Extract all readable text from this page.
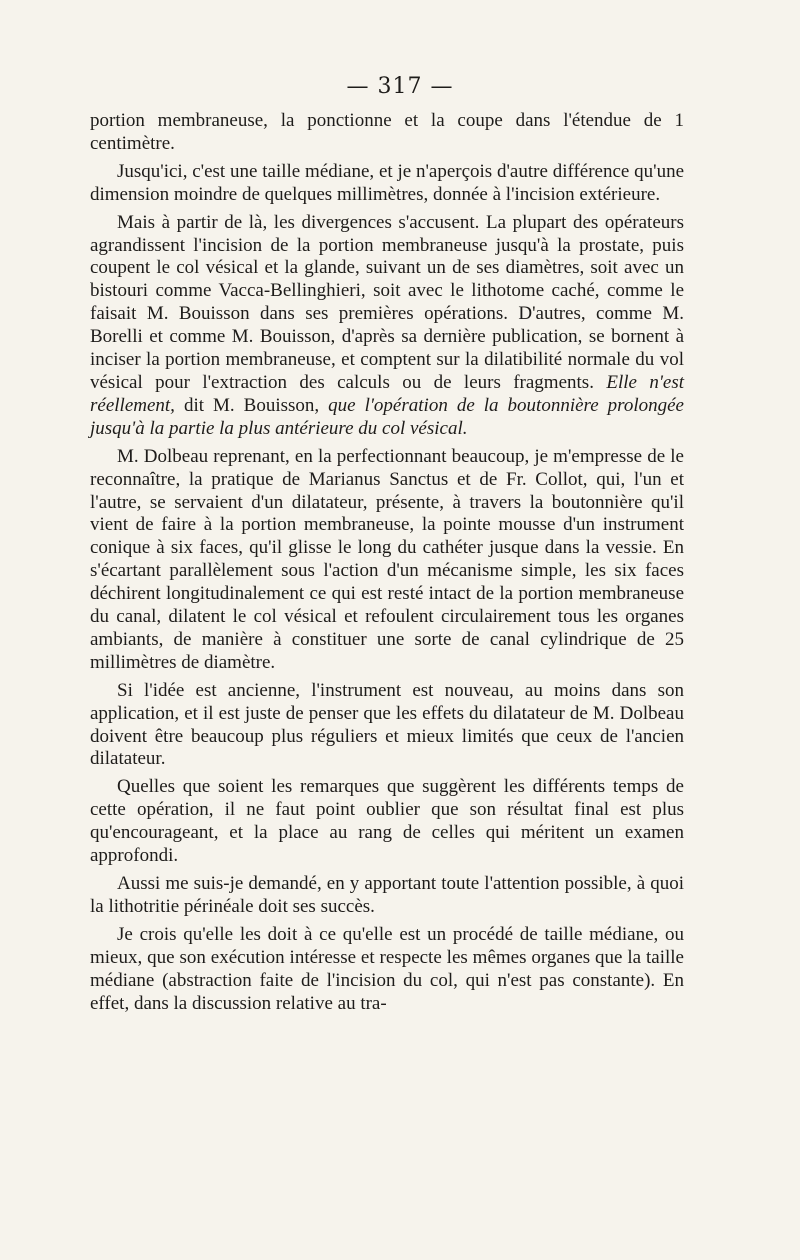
— 317 —

portion membraneuse, la ponctionne et la coupe dans l'étendue de 1 centimètre.

Jusqu'ici, c'est une taille médiane, et je n'aperçois d'autre différence qu'une dimension moindre de quelques millimètres, donnée à l'incision extérieure.

Mais à partir de là, les divergences s'accusent. La plupart des opérateurs agrandissent l'incision de la portion membraneuse jusqu'à la prostate, puis coupent le col vésical et la glande, suivant un de ses diamètres, soit avec un bistouri comme Vacca-Bellinghieri, soit avec le lithotome caché, comme le faisait M. Bouisson dans ses premières opérations. D'autres, comme M. Borelli et comme M. Bouisson, d'après sa dernière publication, se bornent à inciser la portion membraneuse, et comptent sur la dilatibilité normale du vol vésical pour l'extraction des calculs ou de leurs fragments. Elle n'est réellement, dit M. Bouisson, que l'opération de la boutonnière prolongée jusqu'à la partie la plus antérieure du col vésical.

M. Dolbeau reprenant, en la perfectionnant beaucoup, je m'empresse de le reconnaître, la pratique de Marianus Sanctus et de Fr. Collot, qui, l'un et l'autre, se servaient d'un dilatateur, présente, à travers la boutonnière qu'il vient de faire à la portion membraneuse, la pointe mousse d'un instrument conique à six faces, qu'il glisse le long du cathéter jusque dans la vessie. En s'écartant parallèlement sous l'action d'un mécanisme simple, les six faces déchirent longitudinalement ce qui est resté intact de la portion membraneuse du canal, dilatent le col vésical et refoulent circulairement tous les organes ambiants, de manière à constituer une sorte de canal cylindrique de 25 millimètres de diamètre.

Si l'idée est ancienne, l'instrument est nouveau, au moins dans son application, et il est juste de penser que les effets du dilatateur de M. Dolbeau doivent être beaucoup plus réguliers et mieux limités que ceux de l'ancien dilatateur.

Quelles que soient les remarques que suggèrent les différents temps de cette opération, il ne faut point oublier que son résultat final est plus qu'encourageant, et la place au rang de celles qui méritent un examen approfondi.

Aussi me suis-je demandé, en y apportant toute l'attention possible, à quoi la lithotritie périnéale doit ses succès.

Je crois qu'elle les doit à ce qu'elle est un procédé de taille médiane, ou mieux, que son exécution intéresse et respecte les mêmes organes que la taille médiane (abstraction faite de l'incision du col, qui n'est pas constante). En effet, dans la discussion relative au tra-
